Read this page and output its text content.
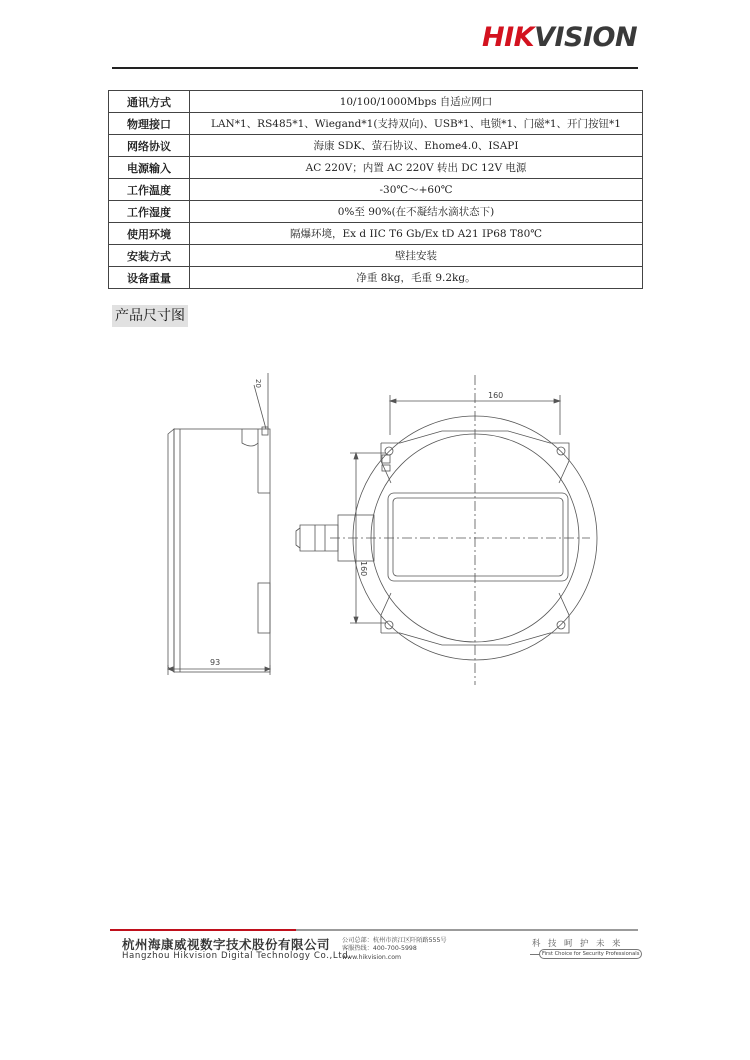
HIKVISION
通讯方式	10/100/1000Mbps 自适应网口
物理接口	LAN*1、RS485*1、Wiegand*1(支持双向)、USB*1、电锁*1、门磁*1、开门按钮*1
网络协议	海康 SDK、萤石协议、Ehome4.0、ISAPI
电源输入	AC 220V；内置 AC 220V 转出 DC 12V 电源
工作温度	-30℃～+60℃
工作湿度	0%至 90%(在不凝结水滴状态下)
使用环境	隔爆环境，Ex d IIC T6 Gb/Ex tD A21 IP68 T80℃
安装方式	壁挂安装
设备重量	净重 8kg，毛重 9.2kg。
产品尺寸图
20
93
160
160
杭州海康威视数字技术股份有限公司
Hangzhou Hikvision Digital Technology Co.,Ltd.
公司总部：杭州市滨江区阡陌路555号
客服热线：400-700-5998
www.hikvision.com
科技呵护未来
First Choice for Security Professionals
